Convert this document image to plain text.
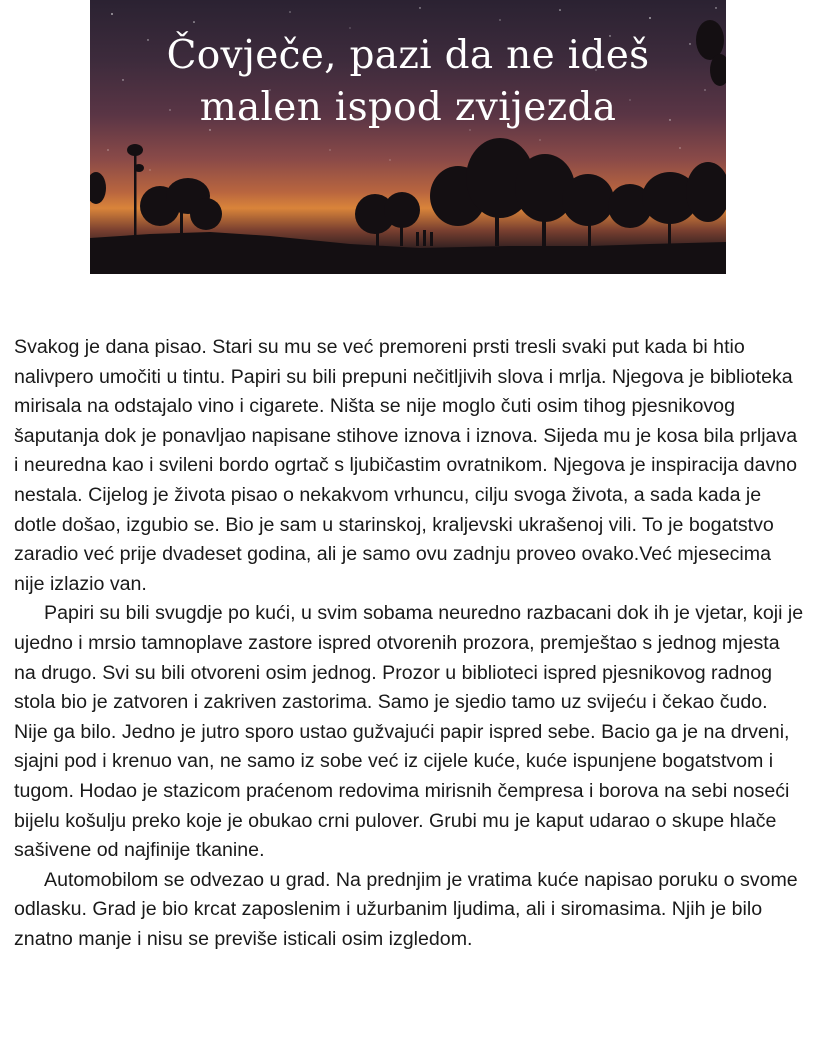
Čovječe, pazi da ne ideš
malen ispod zvijezda

Svakog je dana pisao. Stari su mu se već premoreni prsti tresli svaki put kada bi htio nalivpero umočiti u tintu. Papiri su bili prepuni nečitljivih slova i mrlja. Njegova je biblioteka mirisala na odstajalo vino i cigarete. Ništa se nije moglo čuti osim tihog pjesnikovog šaputanja dok je ponavljao napisane stihove iznova i iznova. Sijeda mu je kosa bila prljava i neuredna kao i svileni bordo ogrtač s ljubičastim ovratnikom. Njegova je inspiracija davno nestala. Cijelog je života pisao o nekakvom vrhuncu, cilju svoga života, a sada kada je dotle došao, izgubio se. Bio je sam u starinskoj, kraljevski ukrašenoj vili. To je bogatstvo zaradio već prije dvadeset godina, ali je samo ovu zadnju proveo ovako.Već mjesecima nije izlazio van.

Papiri su bili svugdje po kući, u svim sobama neuredno razbacani dok ih je vjetar, koji je ujedno i mrsio tamnoplave zastore ispred otvorenih prozora, premještao s jednog mjesta na drugo. Svi su bili otvoreni osim jednog. Prozor u biblioteci ispred pjesnikovog radnog stola bio je zatvoren i zakriven zastorima. Samo je sjedio tamo uz svijeću i čekao čudo. Nije ga bilo. Jedno je jutro sporo ustao gužvajući papir ispred sebe. Bacio ga je na drveni, sjajni pod i krenuo van, ne samo iz sobe već iz cijele kuće, kuće ispunjene bogatstvom i tugom. Hodao je stazicom praćenom redovima mirisnih čempresa i borova na sebi noseći bijelu košulju preko koje je obukao crni pulover. Grubi mu je kaput udarao o skupe hlače sašivene od najfinije tkanine.

Automobilom se odvezao u grad. Na prednjim je vratima kuće napisao poruku o svome odlasku. Grad je bio krcat zaposlenim i užurbanim ljudima, ali i siromasima. Njih je bilo znatno manje i nisu se previše isticali osim izgledom.
